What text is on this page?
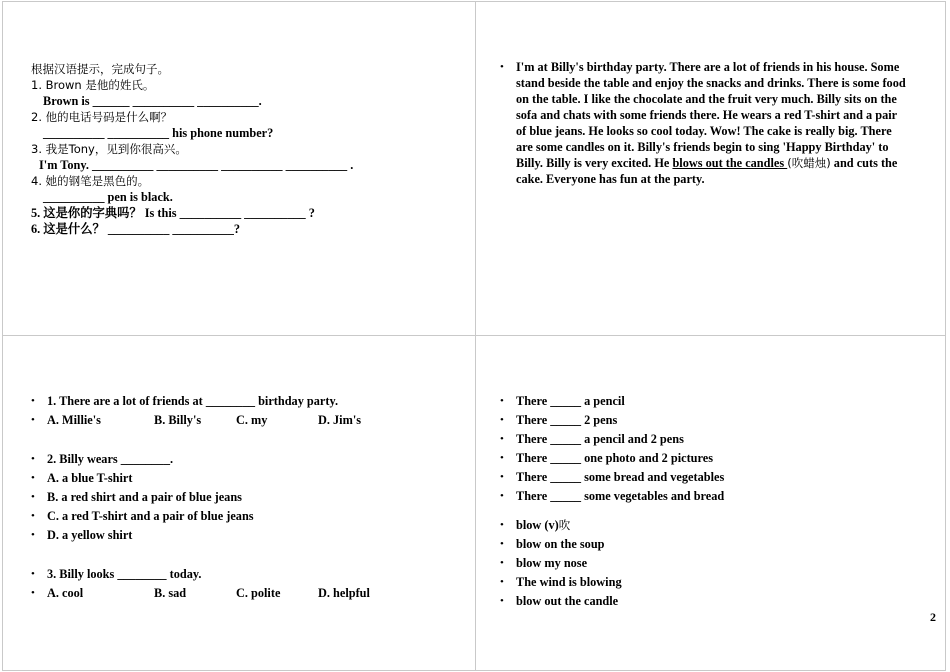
根据汉语提示，完成句子。
1. Brown 是他的姓氏。
Brown is ______ __________ __________.
2. 他的电话号码是什么啊？
__________ __________ his phone number?
3. 我是Tony，见到你很高兴。
I'm Tony. __________ __________ __________ __________ .
4. 她的钢笔是黑色的。
__________ pen is black.
5. 这是你的字典吗？ Is this __________ __________ ?
6. 这是什么？ __________ __________?
• I'm at Billy's birthday party. There are a lot of friends in his house. Some stand beside the table and enjoy the snacks and drinks. There is some food on the table. I like the chocolate and the fruit very much. Billy sits on the sofa and chats with some friends there. He wears a red T-shirt and a pair of blue jeans. He looks so cool today. Wow! The cake is really big. There are some candles on it. Billy's friends begin to sing 'Happy Birthday' to Billy. Billy is very excited. He blows out the candles (吹蜡烛) and cuts the cake. Everyone has fun at the party.
• 1. There are a lot of friends at ________ birthday party.
• A. Millie's	B. Billy's	C. my	D. Jim's
• 2. Billy wears ________.
• A. a blue T-shirt
• B. a red shirt and a pair of blue jeans
• C. a red T-shirt and a pair of blue jeans
• D. a yellow shirt
• 3. Billy looks ________ today.
• A. cool	B. sad	C. polite	D. helpful
• There _____ a pencil
• There _____ 2 pens
• There _____ a pencil and 2 pens
• There _____ one photo and 2 pictures
• There _____ some bread and vegetables
• There _____ some vegetables and bread
• blow (v)吹
• blow on the soup
• blow my nose
• The wind is blowing
• blow out the candle
2
